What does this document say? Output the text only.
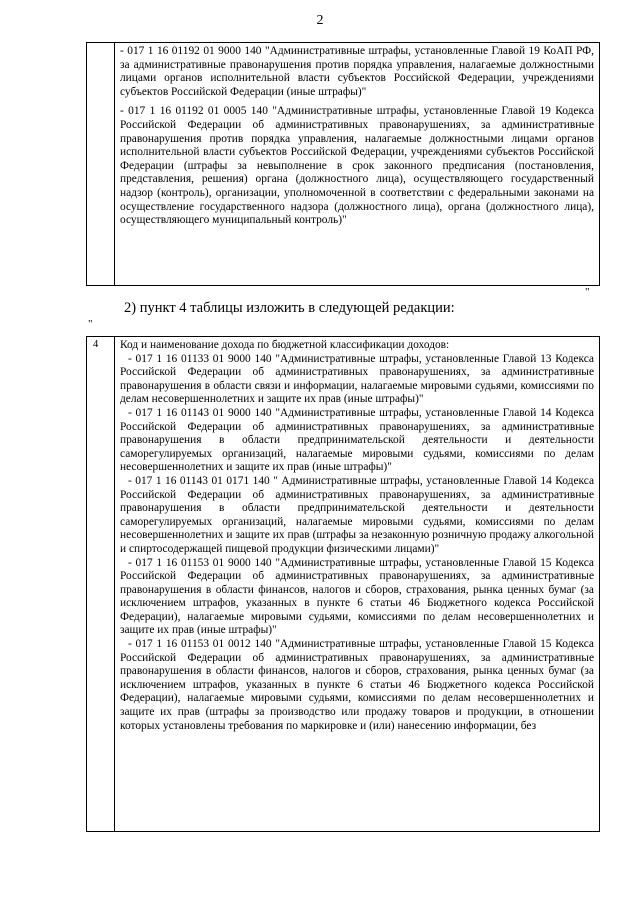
2

- 017 1 16 01192 01 9000 140 "Административные штрафы, установленные Главой 19 КоАП РФ, за административные правонарушения против порядка управления, налагаемые должностными лицами органов исполнительной власти субъектов Российской Федерации, учреждениями субъектов Российской Федерации (иные штрафы)"

- 017 1 16 01192 01 0005 140 "Административные штрафы, установленные Главой 19 Кодекса Российской Федерации об административных правонарушениях, за административные правонарушения против порядка управления, налагаемые должностными лицами органов исполнительной власти субъектов Российской Федерации, учреждениями субъектов Российской Федерации (штрафы за невыполнение в срок законного предписания (постановления, представления, решения) органа (должностного лица), осуществляющего государственный надзор (контроль), организации, уполномоченной в соответствии с федеральными законами на осуществление государственного надзора (должностного лица), органа (должностного лица), осуществляющего муниципальный контроль)"

"
2) пункт 4 таблицы изложить в следующей редакции:
"
4	Код и наименование дохода по бюджетной классификации доходов:

- 017 1 16 01133 01 9000 140 "Административные штрафы, установленные Главой 13 Кодекса Российской Федерации об административных правонарушениях, за административные правонарушения в области связи и информации, налагаемые мировыми судьями, комиссиями по делам несовершеннолетних и защите их прав (иные штрафы)"

- 017 1 16 01143 01 9000 140 "Административные штрафы, установленные Главой 14 Кодекса Российской Федерации об административных правонарушениях, за административные правонарушения в области предпринимательской деятельности и деятельности саморегулируемых организаций, налагаемые мировыми судьями, комиссиями по делам несовершеннолетних и защите их прав (иные штрафы)"

- 017 1 16 01143 01 0171 140 " Административные штрафы, установленные Главой 14 Кодекса Российской Федерации об административных правонарушениях, за административные правонарушения в области предпринимательской деятельности и деятельности саморегулируемых организаций, налагаемые мировыми судьями, комиссиями по делам несовершеннолетних и защите их прав (штрафы за незаконную розничную продажу алкогольной и спиртосодержащей пищевой продукции физическими лицами)"

- 017 1 16 01153 01 9000 140 "Административные штрафы, установленные Главой 15 Кодекса Российской Федерации об административных правонарушениях, за административные правонарушения в области финансов, налогов и сборов, страхования, рынка ценных бумаг (за исключением штрафов, указанных в пункте 6 статьи 46 Бюджетного кодекса Российской Федерации), налагаемые мировыми судьями, комиссиями по делам несовершеннолетних и защите их прав (иные штрафы)"

- 017 1 16 01153 01 0012 140 "Административные штрафы, установленные Главой 15 Кодекса Российской Федерации об административных правонарушениях, за административные правонарушения в области финансов, налогов и сборов, страхования, рынка ценных бумаг (за исключением штрафов, указанных в пункте 6 статьи 46 Бюджетного кодекса Российской Федерации), налагаемые мировыми судьями, комиссиями по делам несовершеннолетних и защите их прав (штрафы за производство или продажу товаров и продукции, в отношении которых установлены требования по маркировке и (или) нанесению информации, без
